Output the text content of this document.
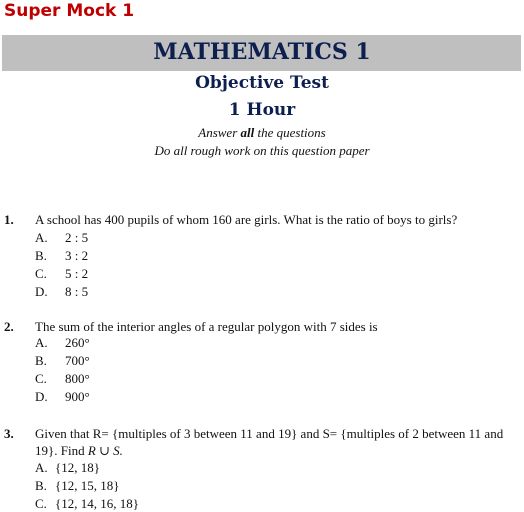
Super Mock 1
MATHEMATICS 1
Objective Test
1 Hour
Answer all the questions
Do all rough work on this question paper
1. A school has 400 pupils of whom 160 are girls. What is the ratio of boys to girls?
A. 2 : 5
B. 3 : 2
C. 5 : 2
D. 8 : 5
2. The sum of the interior angles of a regular polygon with 7 sides is
A. 260°
B. 700°
C. 800°
D. 900°
3. Given that R= {multiples of 3 between 11 and 19} and S= {multiples of 2 between 11 and 19}. Find R ∪ S.
A. {12, 18}
B. {12, 15, 18}
C. {12, 14, 16, 18}
